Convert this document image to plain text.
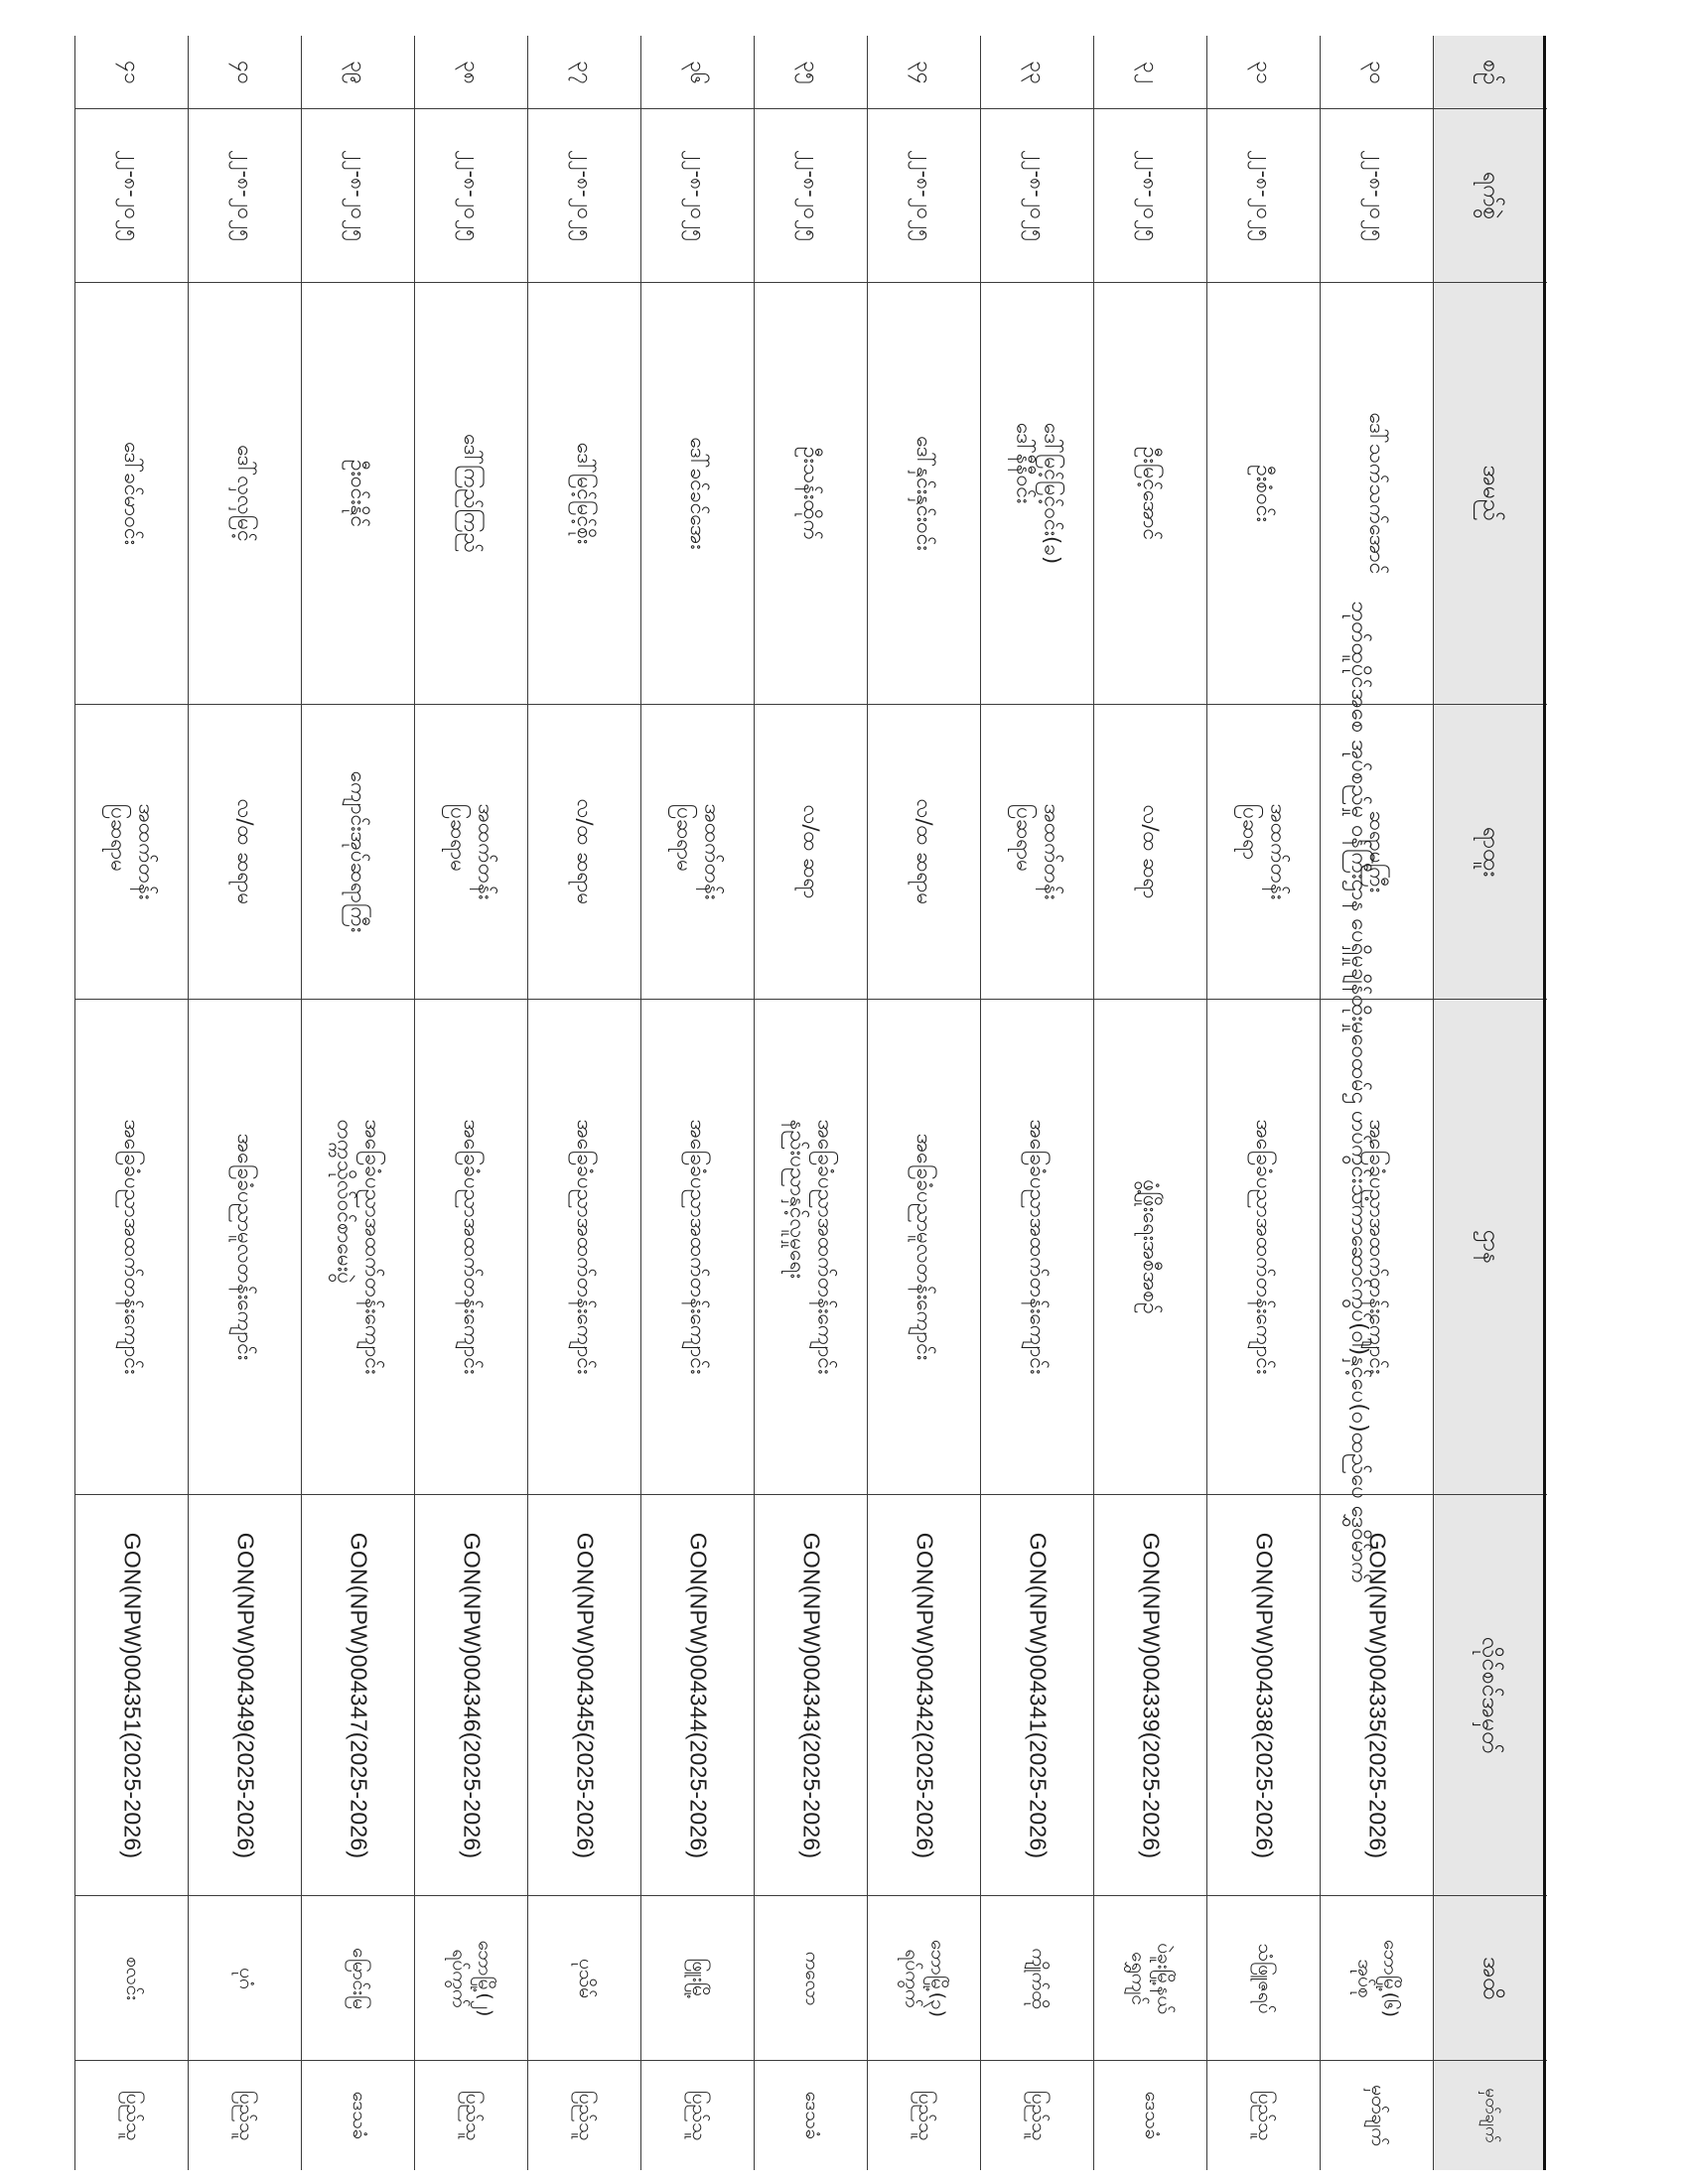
ဘုတ်ထူပိုင်အစေ အုပ်စည်မှု ဝန်ကြီးဌာန ပေရှိမှုချိန်ထိုးမှုဝေထမ်ဌ ဟပ်ကွင်းသံကာဆောင်ကွပ်(ဝါ)နှင့်ပေ(ဝ)ထည်ပေ ဒွှေဝိမ်ာက်
စဉ်
ရက်စွဲ
အမည်
ရာထူး
ဌာန
လိုင်စင်အမှတ်
အထိ
မှတ်ချက်
၃၀
၂၂-၈-၂၀၂၅
ဒေါ်သက်သက်အောင်
ဆရာမကြီး
အခြေခံပညာအထက်တန်းကျောင်း
GON(NPW)004335(2025-2026)
ဘောမြို့(၆)
အုပ်စု
မှတ်ချက်
၃၁
၂၂-၈-၂၀၂၅
ဦးစံဝင်း
အထက်တန်း
ပြဆရာ
အခြေခံပညာအထက်တန်းကျောင်း
GON(NPW)004338(2025-2026)
သံဖြူဇရပ်
ပြည်သူ
၃၂
၂၂-၈-၂၀၂၅
ဦးမြင့်အောင်
လ/ထ ဆရာ
ဖွံ့ဖြိုးရေးအစီအစဉ်
GON(NPW)004339(2025-2026)
ပဲခူးမြို့နယ်
ရွှေကျင်
ဒေသခံ
၃၃
၂၂-၈-၂၀၂၅
ဒေါ်မြင့်မြင့်ဝင်း(ခ)
ဒေါ်နီနီဝင်း
အထက်တန်း
ပြဆရာမ
အခြေခံပညာအထက်တန်းကျောင်း
GON(NPW)004341(2025-2026)
ကျိုက်ထို
ပြည်သူ
၃၄
၂၂-၈-၂၀၂၅
ဒေါ်နှင်းနှင်းဝင်း
လ/ထ ဆရာမ
အခြေခံပညာမူလတန်းကျောင်း
GON(NPW)004342(2025-2026)
ဘောမြို့(၃)
ရပ်ကွက်
ပြည်သူ
၃၅
၂၂-၈-၂၀၂၅
ဦးသန်းထိုက်
လ/ထ ဆရာ
အခြေခံပညာအထက်တန်းကျောင်း
နည်းပညာနှင့်လူမှုရေး
GON(NPW)004343(2025-2026)
ကလော
ဒေသခံ
၃၆
၂၂-၈-၂၀၂၅
ဒေါ်ခင်ခင်အေး
အထက်တန်း
ပြဆရာမ
အခြေခံပညာအထက်တန်းကျောင်း
GON(NPW)004344(2025-2026)
ဖြူးမြို့
ပြည်သူ
၃၇
၂၂-၈-၂၀၂၅
ဒေါ်မြင့်မြင့်စိုး
လ/ထ ဆရာမ
အခြေခံပညာအထက်တန်းကျောင်း
GON(NPW)004345(2025-2026)
ပုသိမ်
ပြည်သူ
၃၈
၂၂-၈-၂၀၂၅
ဒေါ်ကြည်ကြည်
အထက်တန်း
ပြဆရာမ
အခြေခံပညာအထက်တန်းကျောင်း
GON(NPW)004346(2025-2026)
ဘောမြို့(၂)
ရပ်ကွက်
ပြည်သူ
၃၉
၂၂-၈-၂၀၂၅
ဦးဝင်းနိုင်
ကျောင်းအုပ်ဆရာကြီး
အခြေခံပညာအထက်တန်းကျောင်း
တက္ကသိုလ်ဝင်စာမေးပွဲ
GON(NPW)004347(2025-2026)
မြောင်းမြ
ဒေသခံ
၄၀
၂၂-၈-၂၀၂၅
ဒေါ်လှလှမြင့်
လ/ထ ဆရာမ
အခြေခံပညာမူလတန်းကျောင်း
GON(NPW)004349(2025-2026)
ပုဂံ
ပြည်သူ
၄၁
၂၂-၈-၂၀၂၅
ဒေါ်ခင်မာဝင်း
အထက်တန်း
ပြဆရာမ
အခြေခံပညာအထက်တန်းကျောင်း
GON(NPW)004351(2025-2026)
စလင်း
ပြည်သူ
